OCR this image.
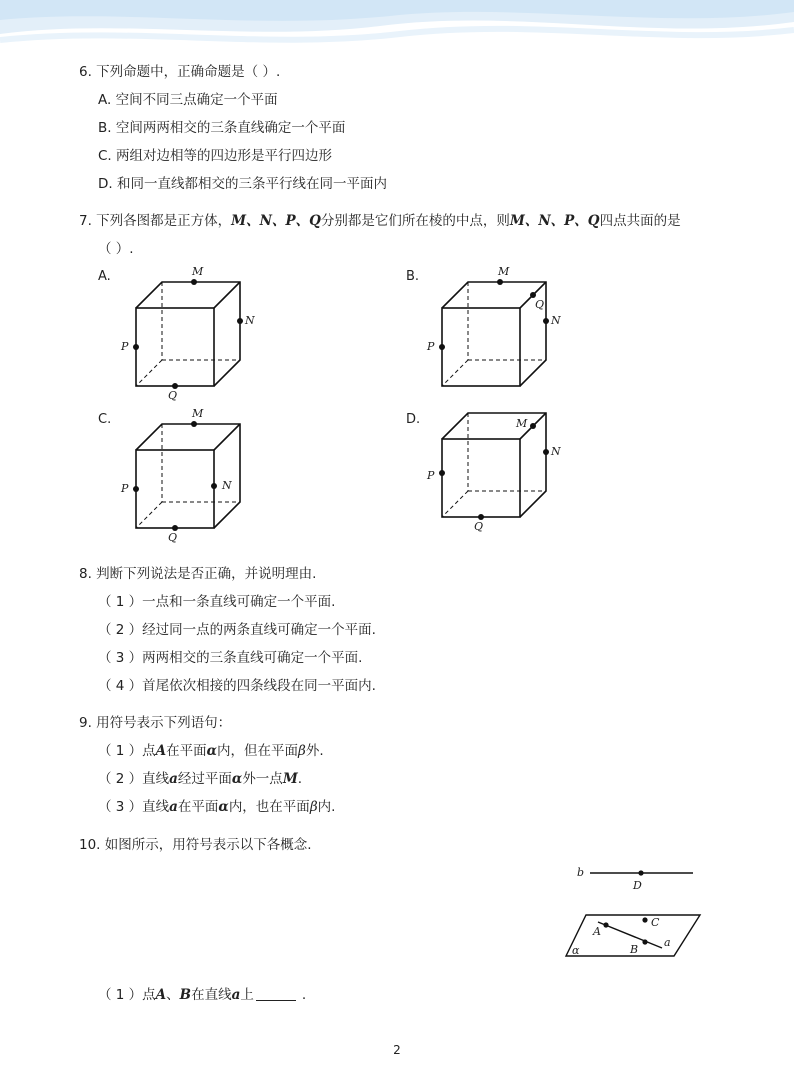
6. 下列命题中，正确命题是（ ）.
A. 空间不同三点确定一个平面
B. 空间两两相交的三条直线确定一个平面
C. 两组对边相等的四边形是平行四边形
D. 和同一直线都相交的三条平行线在同一平面内
7. 下列各图都是正方体，M、N、P、Q分别都是它们所在棱的中点，则M、N、P、Q四点共面的是
（ ）.
A.	M
N
P
Q
B.	M
Q
N
P
C.	M
N
P
Q
D.	M
N
P
Q
8. 判断下列说法是否正确，并说明理由.
（ 1 ）一点和一条直线可确定一个平面.
（ 2 ）经过同一点的两条直线可确定一个平面.
（ 3 ）两两相交的三条直线可确定一个平面.
（ 4 ）首尾依次相接的四条线段在同一平面内.
9. 用符号表示下列语句：
（ 1 ）点A在平面α内，但在平面β外.
（ 2 ）直线a经过平面α外一点M.
（ 3 ）直线a在平面α内，也在平面β内.
10. 如图所示，用符号表示以下各概念.
b
D
A
B
C
a
α
（ 1 ）点A、B在直线a上	.
2
